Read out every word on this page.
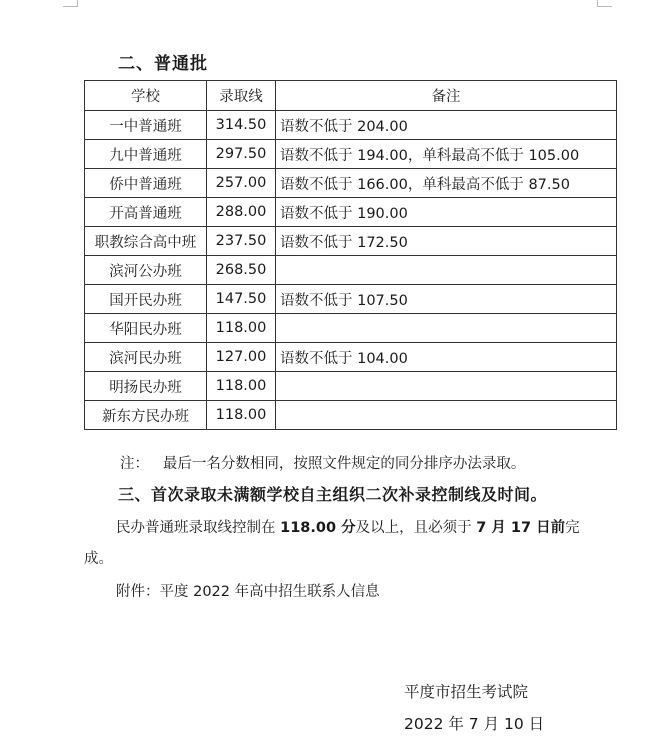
二、普通批
学校	录取线	备注
一中普通班	314.50	语数不低于 204.00
九中普通班	297.50	语数不低于 194.00，单科最高不低于 105.00
侨中普通班	257.00	语数不低于 166.00，单科最高不低于 87.50
开高普通班	288.00	语数不低于 190.00
职教综合高中班	237.50	语数不低于 172.50
滨河公办班	268.50	
国开民办班	147.50	语数不低于 107.50
华阳民办班	118.00	
滨河民办班	127.00	语数不低于 104.00
明扬民办班	118.00	
新东方民办班	118.00	
注： 最后一名分数相同，按照文件规定的同分排序办法录取。
三、首次录取未满额学校自主组织二次补录控制线及时间。
民办普通班录取线控制在 118.00 分及以上，且必须于 7 月 17 日前完
成。
附件：平度 2022 年高中招生联系人信息
平度市招生考试院
2022 年 7 月 10 日
